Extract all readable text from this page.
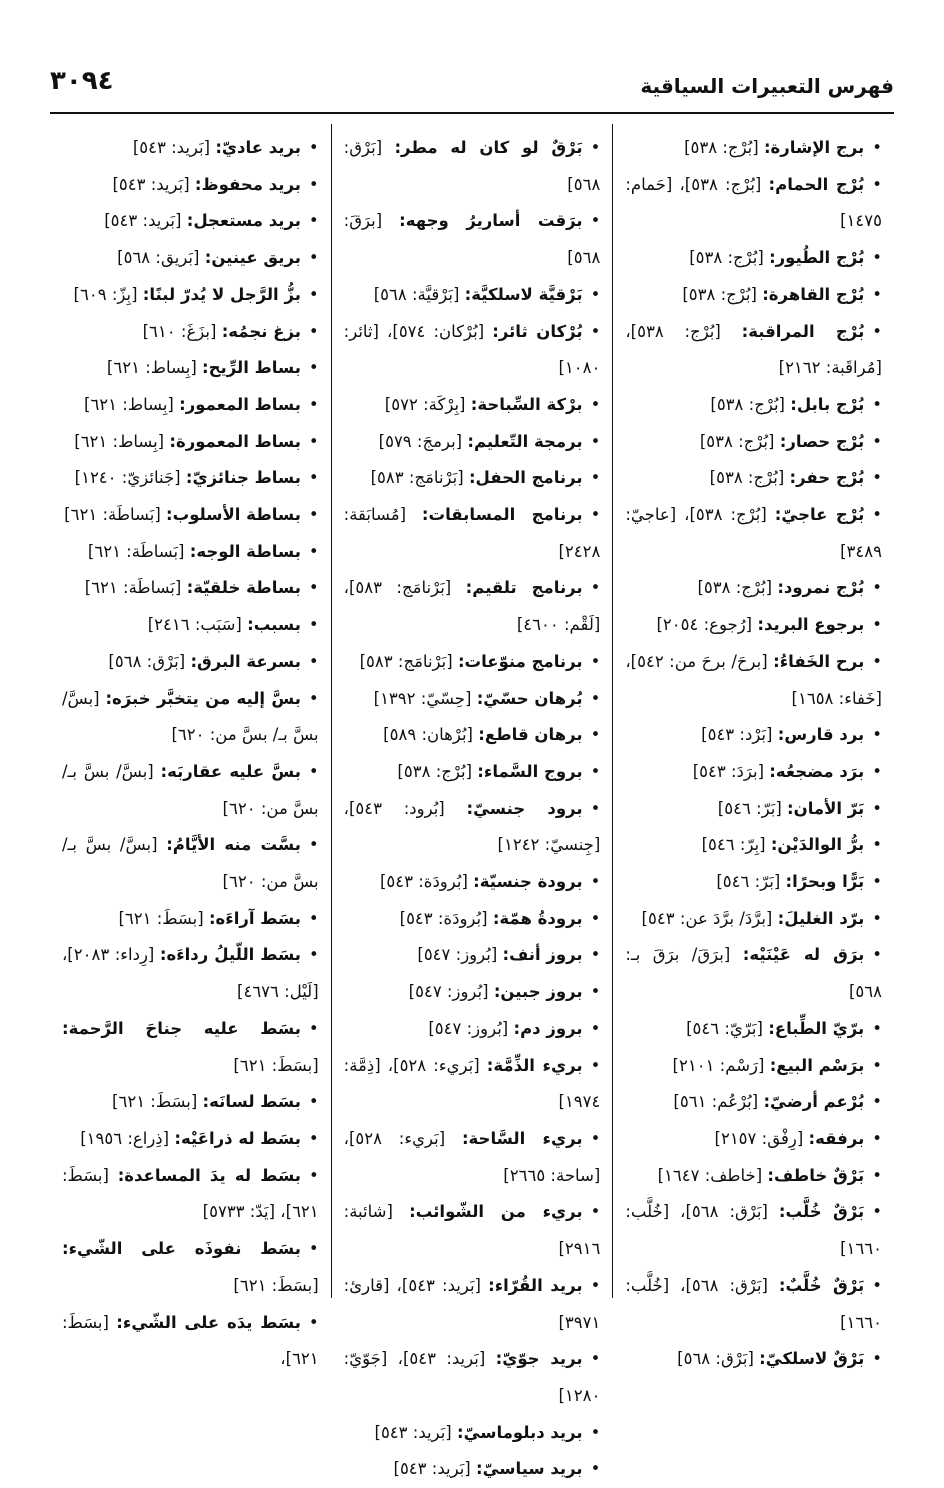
فهرس التعبيرات السياقية
٣٠٩٤
• برج الإشارة: [بُرْج: ٥٣٨]
• بُرْج الحمام: [بُرْج: ٥٣٨]، [حَمام: ١٤٧٥]
• بُرْج الطُيور: [بُرْج: ٥٣٨]
• بُرْج القاهرة: [بُرْج: ٥٣٨]
• بُرْج المراقبة: [بُرْج: ٥٣٨]، [مُراقَبة: ٢١٦٢]
• بُرْج بابل: [بُرْج: ٥٣٨]
• بُرْج حصار: [بُرْج: ٥٣٨]
• بُرْج حفر: [بُرْج: ٥٣٨]
• بُرْج عاجيّ: [بُرْج: ٥٣٨]، [عاجيّ: ٣٤٨٩]
• بُرْج نمرود: [بُرْج: ٥٣٨]
• برجوع البريد: [رُجوع: ٢٠٥٤]
• برح الخَفاءُ: [برحَ/ برحَ من: ٥٤٢]، [خَفاء: ١٦٥٨]
• برد قارس: [بَرْد: ٥٤٣]
• برَد مضجعُه: [برَدَ: ٥٤٣]
• بَرّ الأمان: [بَرّ: ٥٤٦]
• برُّ الوالدَيْن: [بِرّ: ٥٤٦]
• بَرًّا وبحرًا: [بَرّ: ٥٤٦]
• برّد الغليلَ: [برَّدَ/ برَّدَ عن: ٥٤٣]
• برَق له عَيْنَيْه: [برَقَ/ برَقَ بـ: ٥٦٨]
• برّيّ الطِّباع: [بَرّيّ: ٥٤٦]
• برَسْم البيع: [رَسْم: ٢١٠١]
• بُرْعم أرضيّ: [بُرْعُم: ٥٦١]
• برفقه: [رِفْق: ٢١٥٧]
• بَرْقٌ خاطف: [خاطف: ١٦٤٧]
• بَرْقٌ خُلَّب: [بَرْق: ٥٦٨]، [خُلَّب: ١٦٦٠]
• بَرْقٌ خُلَّبٌ: [بَرْق: ٥٦٨]، [خُلَّب: ١٦٦٠]
• بَرْقٌ لاسلكيّ: [بَرْق: ٥٦٨]
• بَرْقٌ لو كان له مطر: [بَرْق: ٥٦٨]
• برَقت أساريرُ وجهه: [برَقَ: ٥٦٨]
• بَرْقيَّة لاسلكيَّة: [بَرْقيَّة: ٥٦٨]
• بُرْكان ثائر: [بُرْكان: ٥٧٤]، [ثائر: ١٠٨٠]
• برْكة السِّباحة: [بِرْكَة: ٥٧٢]
• برمجة التّعليم: [برمجَ: ٥٧٩]
• برنامج الحفل: [بَرْنامَج: ٥٨٣]
• برنامج المسابقات: [مُسابَقة: ٢٤٢٨]
• برنامج تلقيم: [بَرْنامَج: ٥٨٣]، [لَقْم: ٤٦٠٠]
• برنامج منوّعات: [بَرْنامَج: ٥٨٣]
• بُرهان حسّيّ: [حِسّيّ: ١٣٩٢]
• برهان قاطع: [بُرْهان: ٥٨٩]
• بروج السَّماء: [بُرْج: ٥٣٨]
• برود جنسيّ: [بُرود: ٥٤٣]، [جِنسيّ: ١٢٤٢]
• برودة جنسيّة: [بُرودَة: ٥٤٣]
• برودةُ همّة: [بُرودَة: ٥٤٣]
• بروز أنف: [بُروز: ٥٤٧]
• بروز جبين: [بُروز: ٥٤٧]
• بروز دم: [بُروز: ٥٤٧]
• بريء الذِّمَّة: [بَريء: ٥٢٨]، [ذِمَّة: ١٩٧٤]
• بريء السَّاحة: [بَريء: ٥٢٨]، [ساحة: ٢٦٦٥]
• بريء من الشّوائب: [شائبة: ٢٩١٦]
• بريد القُرّاء: [بَريد: ٥٤٣]، [قارئ: ٣٩٧١]
• بريد جوّيّ: [بَريد: ٥٤٣]، [جَوّيّ: ١٢٨٠]
• بريد دبلوماسيّ: [بَريد: ٥٤٣]
• بريد سياسيّ: [بَريد: ٥٤٣]
• بريد عاديّ: [بَريد: ٥٤٣]
• بريد محفوظ: [بَريد: ٥٤٣]
• بريد مستعجل: [بَريد: ٥٤٣]
• بريق عينين: [بَريق: ٥٦٨]
• بزُّ الرَّجل لا يُدرّ لبنًا: [بِزّ: ٦٠٩]
• بزغ نجمُه: [بزَغَ: ٦١٠]
• بساط الرِّيح: [بِساط: ٦٢١]
• بساط المعمور: [بِساط: ٦٢١]
• بساط المعمورة: [بِساط: ٦٢١]
• بساط جنائزيّ: [جَنائزيّ: ١٢٤٠]
• بساطة الأسلوب: [بَساطَة: ٦٢١]
• بساطة الوجه: [بَساطَة: ٦٢١]
• بساطة خلقيّة: [بَساطَة: ٦٢١]
• بسبب: [سَبَب: ٢٤١٦]
• بسرعة البرق: [بَرْق: ٥٦٨]
• بسَّ إليه من يتخبَّر خبرَه: [بسَّ/ بسَّ بـ/ بسَّ من: ٦٢٠]
• بسَّ عليه عقاربَه: [بسَّ/ بسَّ بـ/ بسَّ من: ٦٢٠]
• بسَّت منه الأيَّامُ: [بسَّ/ بسَّ بـ/ بسَّ من: ٦٢٠]
• بسَط آراءَه: [بسَطَ: ٦٢١]
• بسَط اللّيلُ رداءَه: [رِداء: ٢٠٨٣]، [لَيْل: ٤٦٧٦]
• بسَط عليه جناحَ الرَّحمة: [بسَطَ: ٦٢١]
• بسَط لسانَه: [بسَطَ: ٦٢١]
• بسَط له ذراعَيْه: [ذِراع: ١٩٥٦]
• بسَط له يدَ المساعدة: [بسَطَ: ٦٢١]، [يَدّ: ٥٧٣٣]
• بسَط نفوذَه على الشّيء: [بسَطَ: ٦٢١]
• بسَط يدَه على الشّيء: [بسَطَ: ٦٢١]،
